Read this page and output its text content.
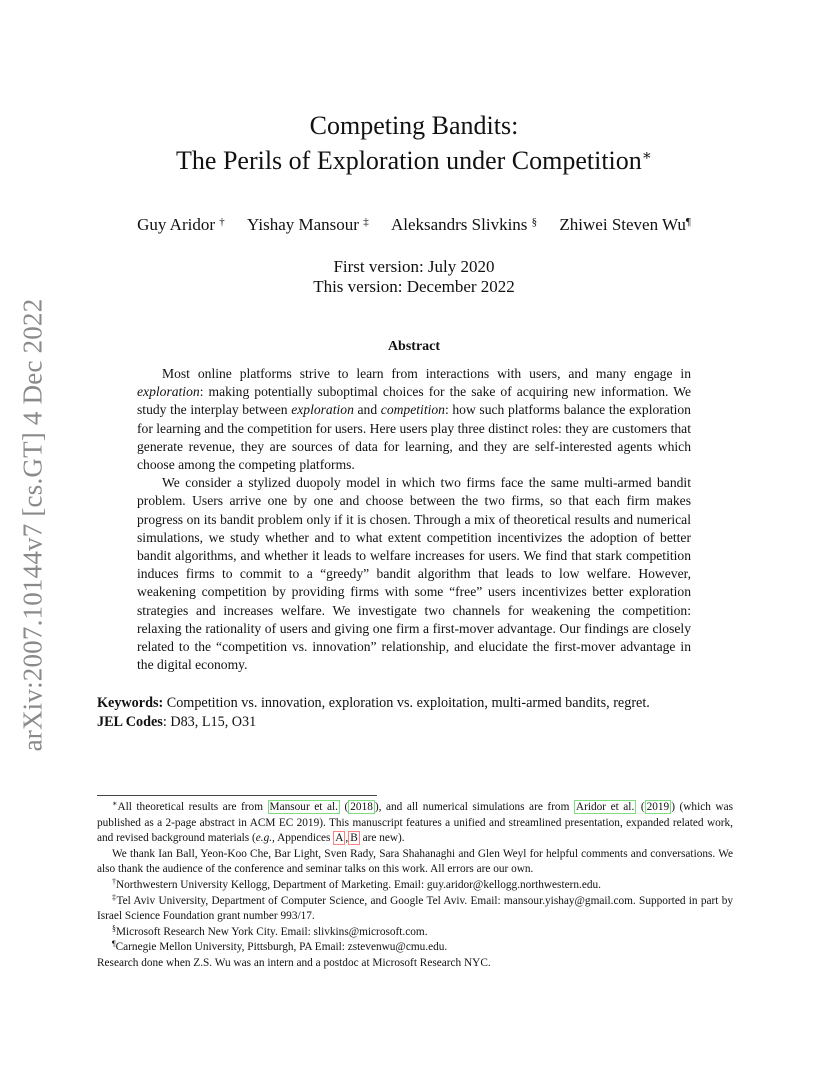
arXiv:2007.10144v7 [cs.GT] 4 Dec 2022
Competing Bandits:
The Perils of Exploration under Competition∗
Guy Aridor † Yishay Mansour ‡ Aleksandrs Slivkins § Zhiwei Steven Wu¶
First version: July 2020
This version: December 2022
Abstract

Most online platforms strive to learn from interactions with users, and many engage in exploration: making potentially suboptimal choices for the sake of acquiring new information. We study the interplay between exploration and competition: how such platforms balance the exploration for learning and the competition for users. Here users play three distinct roles: they are customers that generate revenue, they are sources of data for learning, and they are self-interested agents which choose among the competing platforms.

We consider a stylized duopoly model in which two firms face the same multi-armed bandit problem. Users arrive one by one and choose between the two firms, so that each firm makes progress on its bandit problem only if it is chosen. Through a mix of theoretical results and numerical simulations, we study whether and to what extent competition incentivizes the adoption of better bandit algorithms, and whether it leads to welfare increases for users. We find that stark competition induces firms to commit to a “greedy” bandit algorithm that leads to low welfare. However, weakening competition by providing firms with some “free” users incentivizes better exploration strategies and increases welfare. We investigate two channels for weakening the competition: relaxing the rationality of users and giving one firm a first-mover advantage. Our findings are closely related to the “competition vs. innovation” relationship, and elucidate the first-mover advantage in the digital economy.

Keywords: Competition vs. innovation, exploration vs. exploitation, multi-armed bandits, regret.

JEL Codes: D83, L15, O31

∗All theoretical results are from Mansour et al. ( 2018 ), and all numerical simulations are from Aridor et al. ( 2019 ) (which was published as a 2-page abstract in ACM EC 2019). This manuscript features a unified and streamlined presentation, expanded related work, and revised background materials (e.g., Appendices A , B are new).

We thank Ian Ball, Yeon-Koo Che, Bar Light, Sven Rady, Sara Shahanaghi and Glen Weyl for helpful comments and conversations. We also thank the audience of the conference and seminar talks on this work. All errors are our own.

†Northwestern University Kellogg, Department of Marketing. Email: guy.aridor@kellogg.northwestern.edu.

‡Tel Aviv University, Department of Computer Science, and Google Tel Aviv. Email: mansour.yishay@gmail.com. Supported in part by Israel Science Foundation grant number 993/17.

§Microsoft Research New York City. Email: slivkins@microsoft.com.

¶Carnegie Mellon University, Pittsburgh, PA Email: zstevenwu@cmu.edu.

Research done when Z.S. Wu was an intern and a postdoc at Microsoft Research NYC.
